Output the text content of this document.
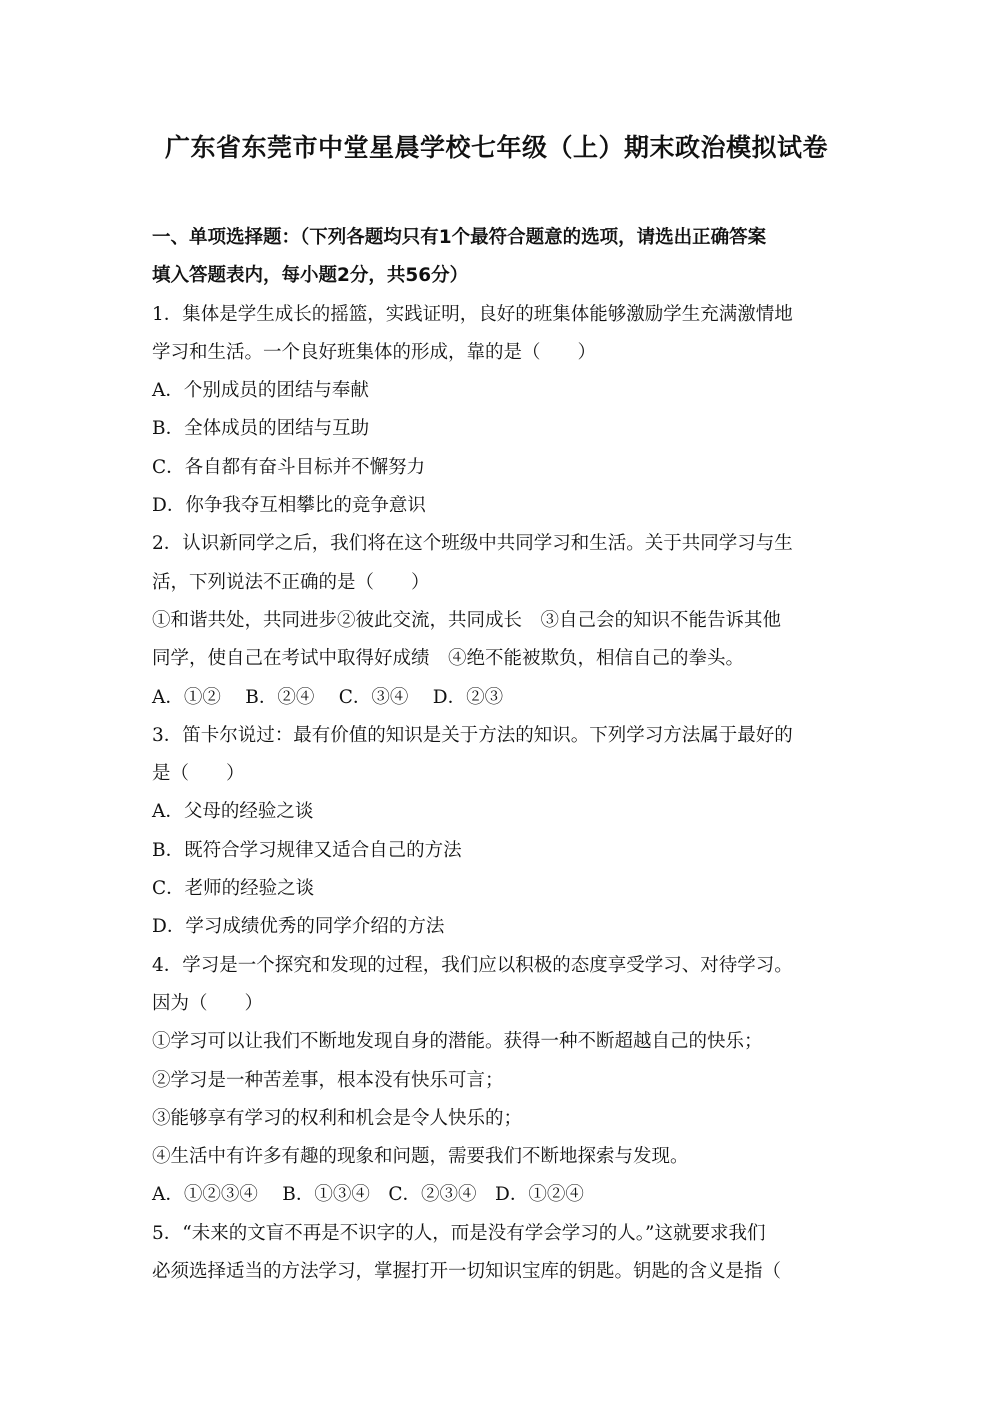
广东省东莞市中堂星晨学校七年级（上）期末政治模拟试卷
一、单项选择题：（下列各题均只有1个最符合题意的选项，请选出正确答案
填入答题表内，每小题2分，共56分）
1．集体是学生成长的摇篮，实践证明，良好的班集体能够激励学生充满激情地
学习和生活。一个良好班集体的形成，靠的是（　　）
A．个别成员的团结与奉献
B．全体成员的团结与互助
C．各自都有奋斗目标并不懈努力
D．你争我夺互相攀比的竞争意识
2．认识新同学之后，我们将在这个班级中共同学习和生活。关于共同学习与生
活，下列说法不正确的是（　　）
①和谐共处，共同进步②彼此交流，共同成长　③自己会的知识不能告诉其他
同学，使自己在考试中取得好成绩　④绝不能被欺负，相信自己的拳头。
A．①②　 B．②④　 C．③④　 D．②③
3．笛卡尔说过：最有价值的知识是关于方法的知识。下列学习方法属于最好的
是（　　）
A．父母的经验之谈
B．既符合学习规律又适合自己的方法
C．老师的经验之谈
D．学习成绩优秀的同学介绍的方法
4．学习是一个探究和发现的过程，我们应以积极的态度享受学习、对待学习。
因为（　　）
①学习可以让我们不断地发现自身的潜能。获得一种不断超越自己的快乐；
②学习是一种苦差事，根本没有快乐可言；
③能够享有学习的权利和机会是令人快乐的；
④生活中有许多有趣的现象和问题，需要我们不断地探索与发现。
A．①②③④　 B．①③④　C．②③④　D．①②④
5．“未来的文盲不再是不识字的人，而是没有学会学习的人。”这就要求我们
必须选择适当的方法学习，掌握打开一切知识宝库的钥匙。钥匙的含义是指（
